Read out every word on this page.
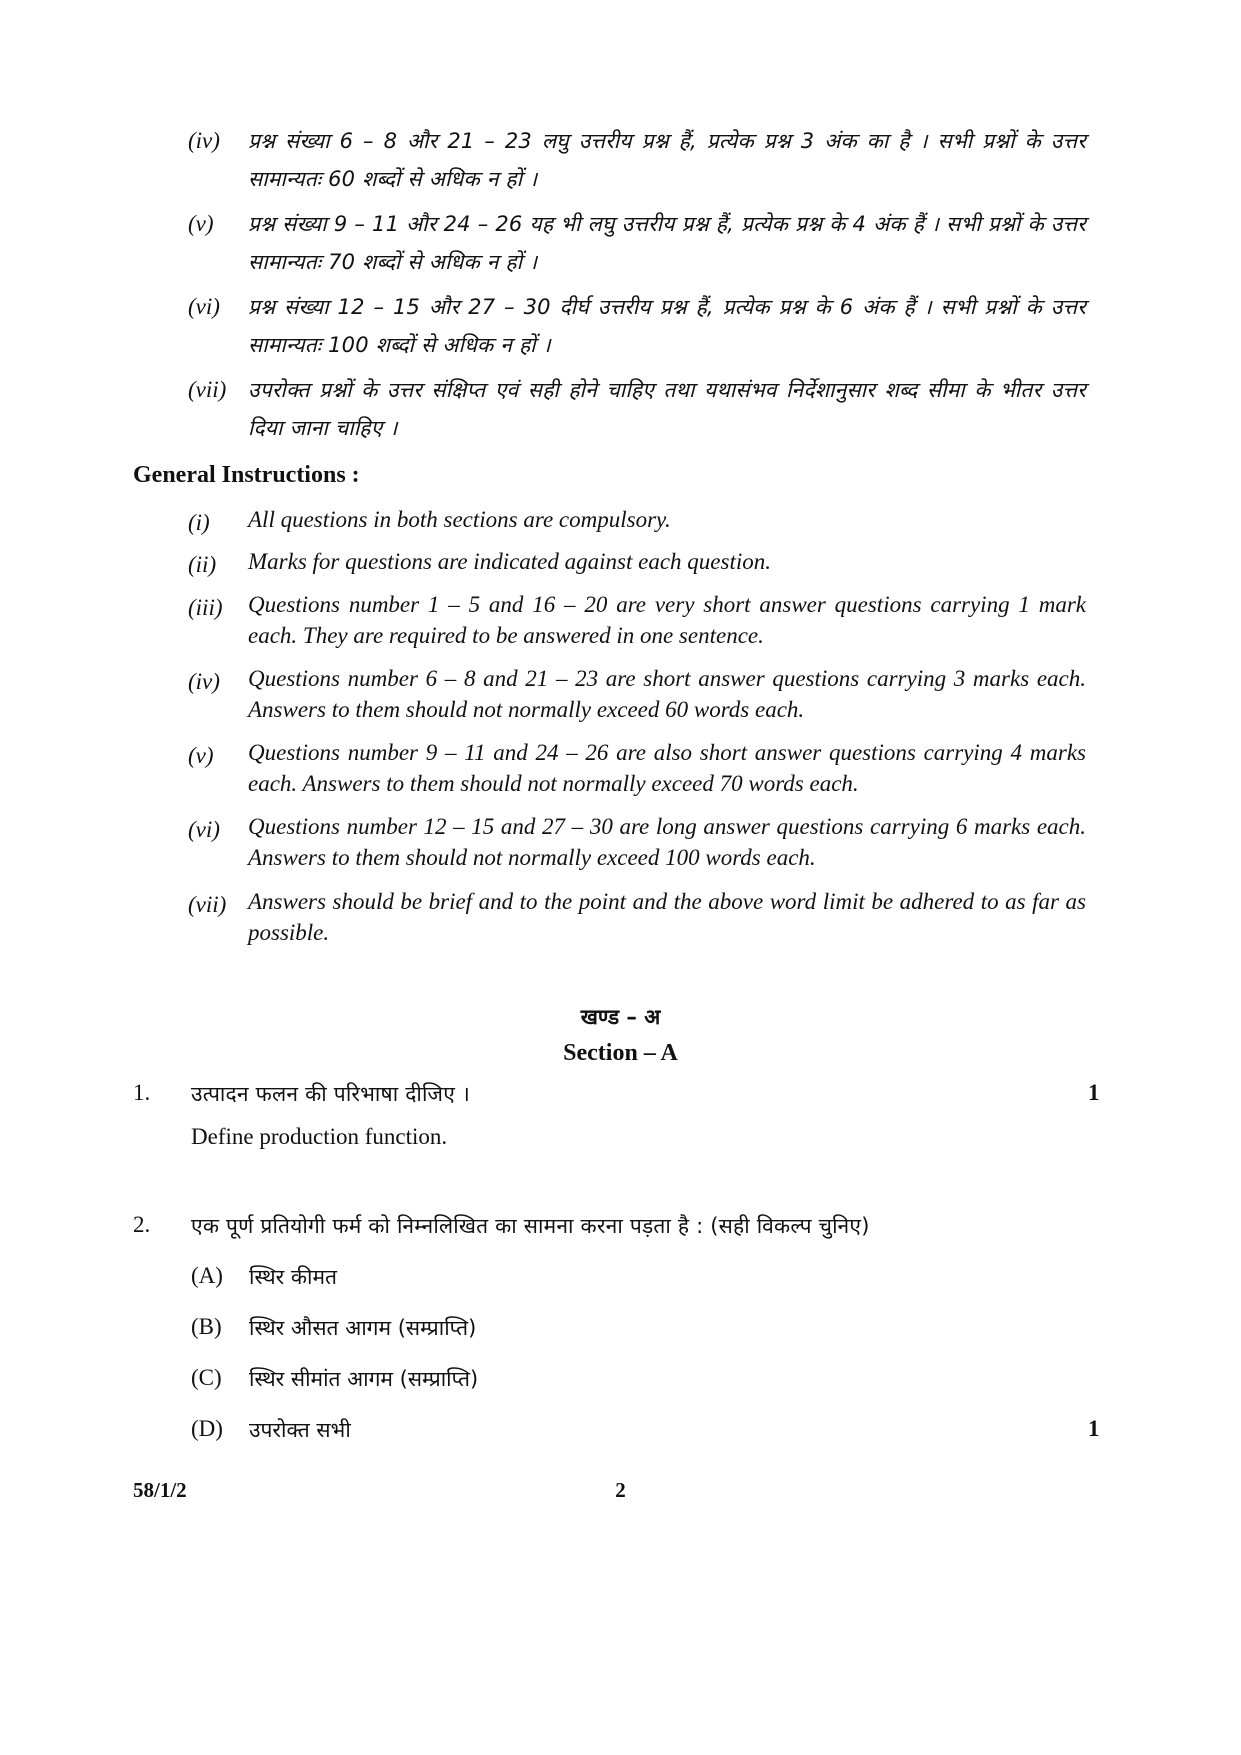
(iv) प्रश्न संख्या 6 – 8 और 21 – 23 लघु उत्तरीय प्रश्न हैं, प्रत्येक प्रश्न 3 अंक का है । सभी प्रश्नों के उत्तर सामान्यतः 60 शब्दों से अधिक न हों ।
(v) प्रश्न संख्या 9 – 11 और 24 – 26 यह भी लघु उत्तरीय प्रश्न हैं, प्रत्येक प्रश्न के 4 अंक हैं । सभी प्रश्नों के उत्तर सामान्यतः 70 शब्दों से अधिक न हों ।
(vi) प्रश्न संख्या 12 – 15 और 27 – 30 दीर्घ उत्तरीय प्रश्न हैं, प्रत्येक प्रश्न के 6 अंक हैं । सभी प्रश्नों के उत्तर सामान्यतः 100 शब्दों से अधिक न हों ।
(vii) उपरोक्त प्रश्नों के उत्तर संक्षिप्त एवं सही होने चाहिए तथा यथासंभव निर्देशानुसार शब्द सीमा के भीतर उत्तर दिया जाना चाहिए ।
General Instructions :
(i) All questions in both sections are compulsory.
(ii) Marks for questions are indicated against each question.
(iii) Questions number 1 – 5 and 16 – 20 are very short answer questions carrying 1 mark each. They are required to be answered in one sentence.
(iv) Questions number 6 – 8 and 21 – 23 are short answer questions carrying 3 marks each. Answers to them should not normally exceed 60 words each.
(v) Questions number 9 – 11 and 24 – 26 are also short answer questions carrying 4 marks each. Answers to them should not normally exceed 70 words each.
(vi) Questions number 12 – 15 and 27 – 30 are long answer questions carrying 6 marks each. Answers to them should not normally exceed 100 words each.
(vii) Answers should be brief and to the point and the above word limit be adhered to as far as possible.
खण्ड – अ
Section – A
1. उत्पादन फलन की परिभाषा दीजिए ।	1
Define production function.
2. एक पूर्ण प्रतियोगी फर्म को निम्नलिखित का सामना करना पड़ता है : (सही विकल्प चुनिए)
(A) स्थिर कीमत
(B) स्थिर औसत आगम (सम्प्राप्ति)
(C) स्थिर सीमांत आगम (सम्प्राप्ति)
(D) उपरोक्त सभी	1
58/1/2	2
